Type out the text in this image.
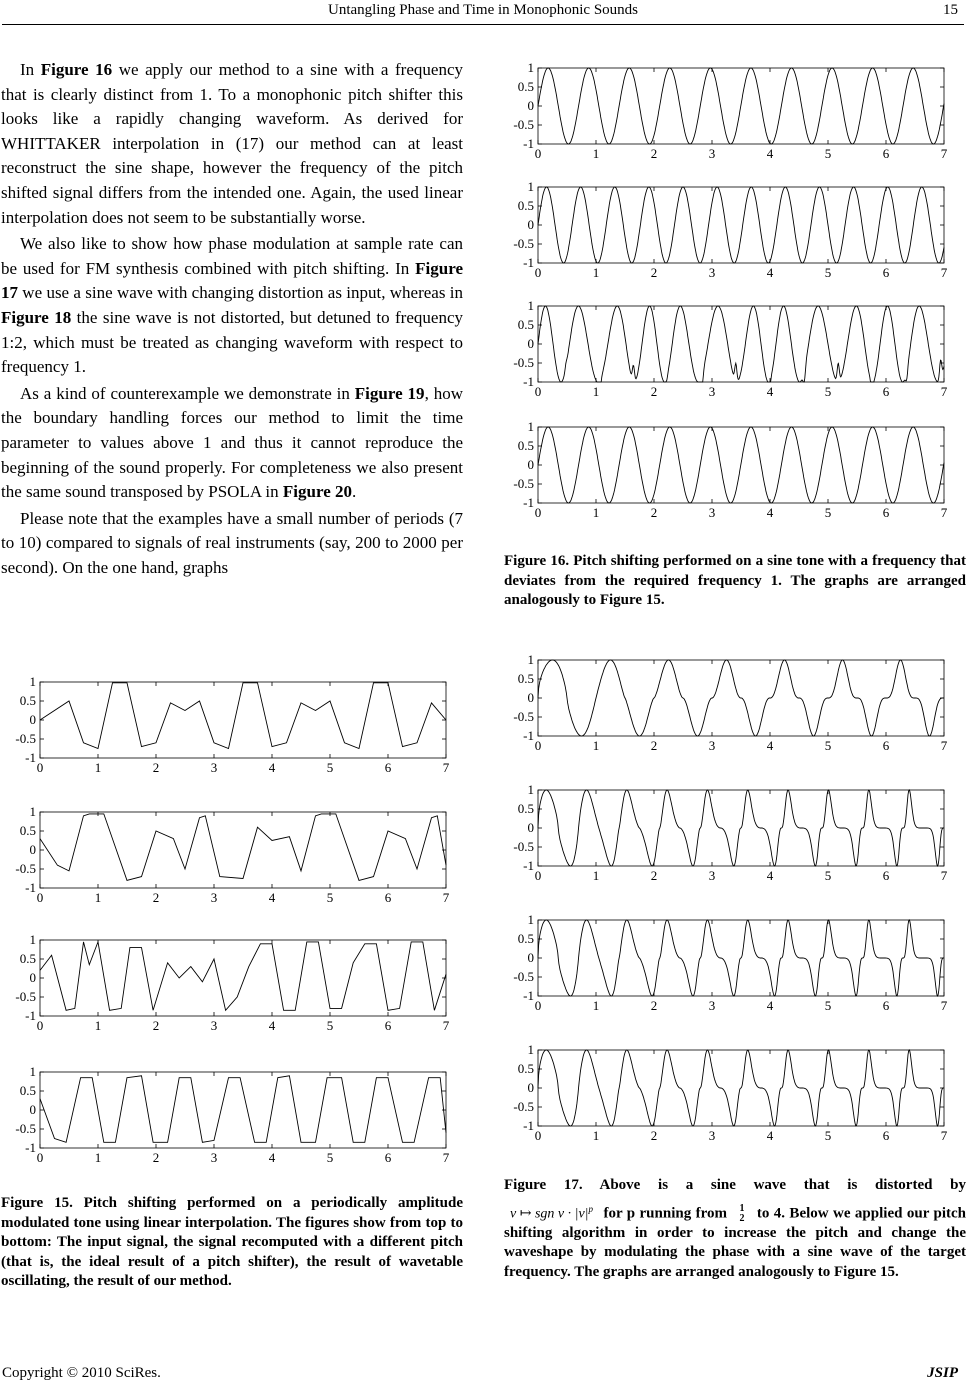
Untangling Phase and Time in Monophonic Sounds	15

In Figure 16 we apply our method to a sine with a frequency that is clearly distinct from 1. To a monophonic pitch shifter this looks like a rapidly changing waveform. As derived for WHITTAKER interpolation in (17) our method can at least reconstruct the sine shape, however the frequency of the pitch shifted signal differs from the intended one. Again, the used linear interpolation does not seem to be substantially worse.

We also like to show how phase modulation at sample rate can be used for FM synthesis combined with pitch shifting. In Figure 17 we use a sine wave with changing distortion as input, whereas in Figure 18 the sine wave is not distorted, but detuned to frequency 1:2, which must be treated as changing waveform with respect to frequency 1.

As a kind of counterexample we demonstrate in Figure 19, how the boundary handling forces our method to limit the time parameter to values above 1 and thus it cannot reproduce the beginning of the sound properly. For completeness we also present the same sound transposed by PSOLA in Figure 20.

Please note that the examples have a small number of periods (7 to 10) compared to signals of real instruments (say, 200 to 2000 per second). On the one hand, graphs

0	1	2	3	4	5	6	7
1
0.5
0
-0.5
-1
0	1	2	3	4	5	6	7
1
0.5
0
-0.5
-1
0	1	2	3	4	5	6	7
1
0.5
0
-0.5
-1
0	1	2	3	4	5	6	7
1
0.5
0
-0.5
-1
0	1	2	3	4	5	6	7
1
0.5
0
-0.5
-1
0	1	2	3	4	5	6	7
1
0.5
0
-0.5
-1
0	1	2	3	4	5	6	7
1
0.5
0
-0.5
-1
0	1	2	3	4	5	6	7
1
0.5
0
-0.5
-1
0	1	2	3	4	5	6	7
1
0.5
0
-0.5
-1
0	1	2	3	4	5	6	7
1
0.5
0
-0.5
-1
0	1	2	3	4	5	6	7
1
0.5
0
-0.5
-1
0	1	2	3	4	5	6	7
1
0.5
0
-0.5
-1
Figure 15. Pitch shifting performed on a periodically amplitude modulated tone using linear interpolation. The figures show from top to bottom: The input signal, the signal recomputed with a different pitch (that is, the ideal result of a pitch shifter), the result of wavetable oscillating, the result of our method.
Figure 16. Pitch shifting performed on a sine tone with a frequency that deviates from the required frequency 1. The graphs are arranged analogously to Figure 15.
Figure 17. Above is a sine wave that is distorted by
v ↦ sgn $v \cdot |v|^p$ for p running from 1
2 to 4. Below we applied our pitch shifting algorithm in order to increase the pitch and change the waveshape by modulating the phase with a sine wave of the target frequency. The graphs are arranged analogously to Figure 15.
Copyright © 2010 SciRes.	JSIP
